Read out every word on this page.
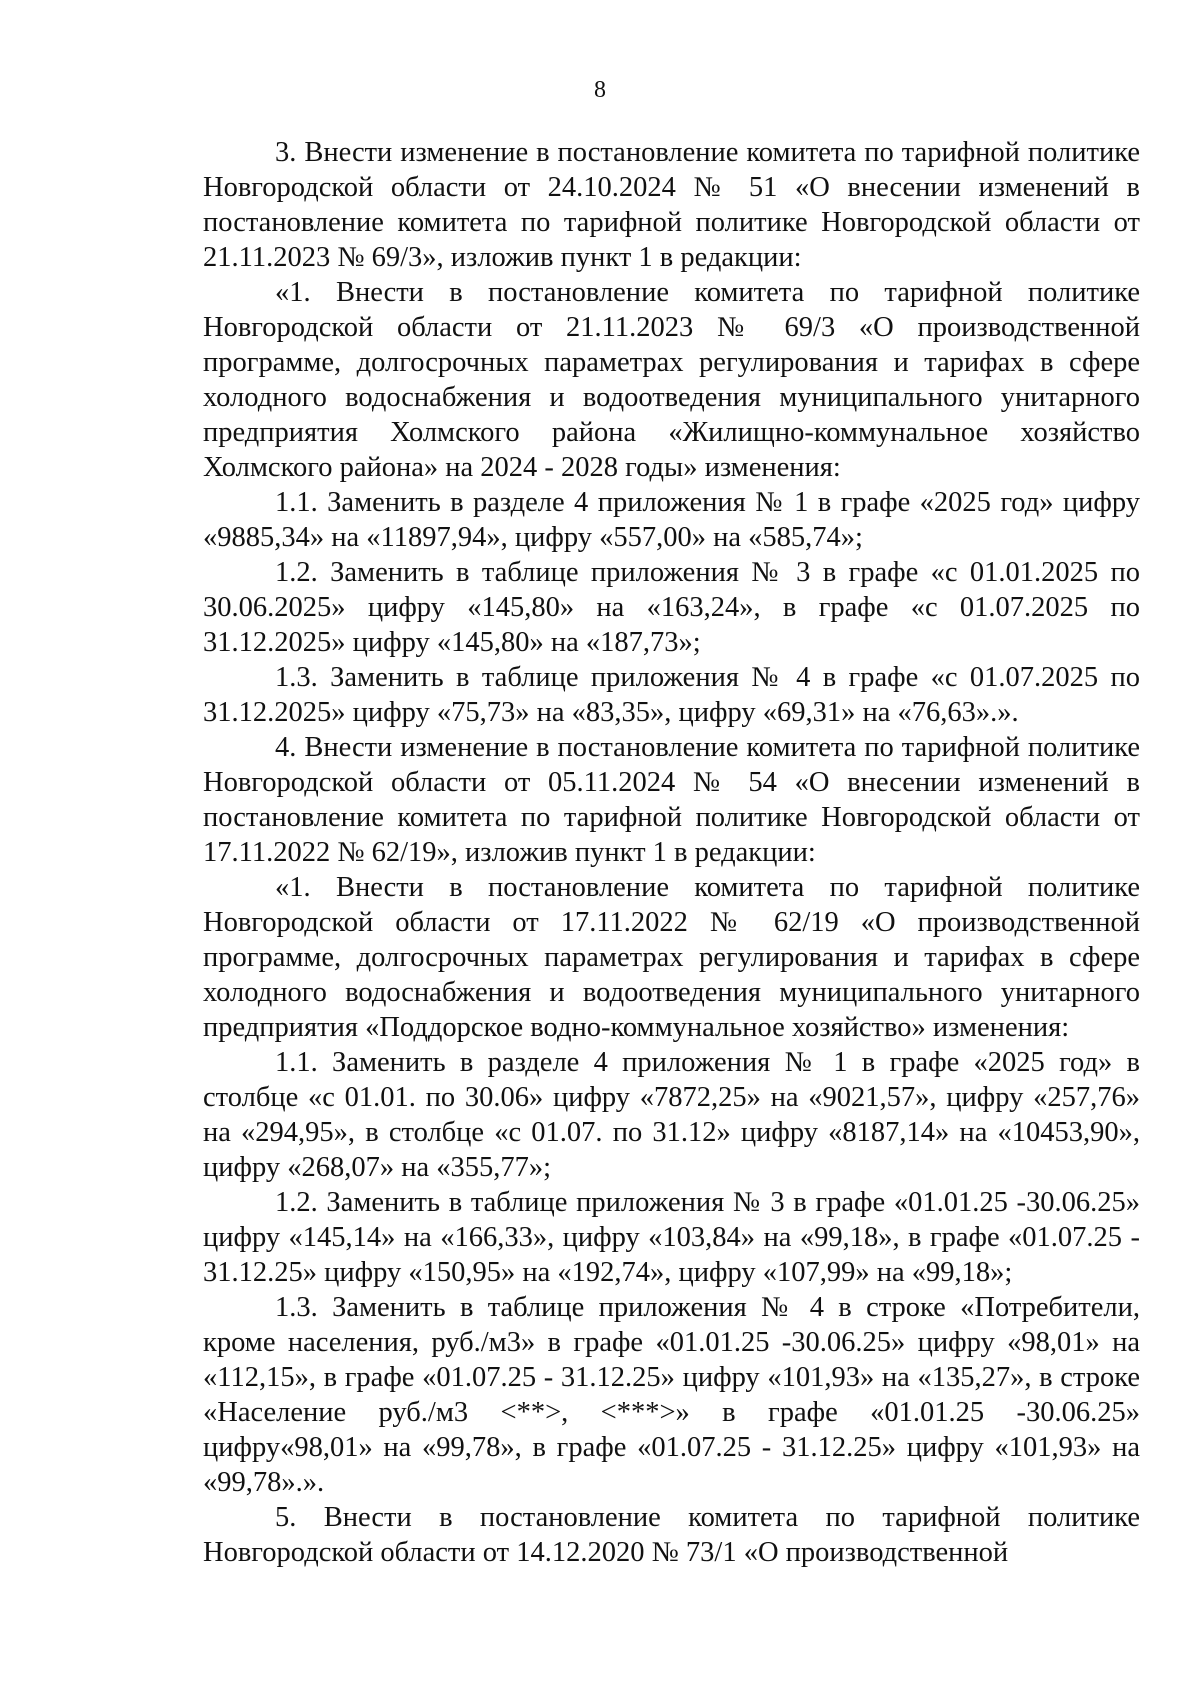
8

3. Внести изменение в постановление комитета по тарифной политике Новгородской области от 24.10.2024 № 51 «О внесении изменений в постановление комитета по тарифной политике Новгородской области от 21.11.2023 № 69/3», изложив пункт 1 в редакции:

«1. Внести в постановление комитета по тарифной политике Новгородской области от 21.11.2023 № 69/3 «О производственной программе, долгосрочных параметрах регулирования и тарифах в сфере холодного водоснабжения и водоотведения муниципального унитарного предприятия Холмского района «Жилищно-коммунальное хозяйство Холмского района» на 2024 - 2028 годы» изменения:

1.1. Заменить в разделе 4 приложения № 1 в графе «2025 год» цифру «9885,34» на «11897,94», цифру «557,00» на «585,74»;

1.2. Заменить в таблице приложения № 3 в графе «с 01.01.2025 по 30.06.2025» цифру «145,80» на «163,24», в графе «с 01.07.2025 по 31.12.2025» цифру «145,80» на «187,73»;

1.3. Заменить в таблице приложения № 4 в графе «с 01.07.2025 по 31.12.2025» цифру «75,73» на «83,35», цифру «69,31» на «76,63».».

4. Внести изменение в постановление комитета по тарифной политике Новгородской области от 05.11.2024 № 54 «О внесении изменений в постановление комитета по тарифной политике Новгородской области от 17.11.2022 № 62/19», изложив пункт 1 в редакции:

«1. Внести в постановление комитета по тарифной политике Новгородской области от 17.11.2022 № 62/19 «О производственной программе, долгосрочных параметрах регулирования и тарифах в сфере холодного водоснабжения и водоотведения муниципального унитарного предприятия «Поддорское водно-коммунальное хозяйство» изменения:

1.1. Заменить в разделе 4 приложения № 1 в графе «2025 год» в столбце «с 01.01. по 30.06» цифру «7872,25» на «9021,57», цифру «257,76» на «294,95», в столбце «с 01.07. по 31.12» цифру «8187,14» на «10453,90», цифру «268,07» на «355,77»;

1.2. Заменить в таблице приложения № 3 в графе «01.01.25 -30.06.25» цифру «145,14» на «166,33», цифру «103,84» на «99,18», в графе «01.07.25 - 31.12.25» цифру «150,95» на «192,74», цифру «107,99» на «99,18»;

1.3. Заменить в таблице приложения № 4 в строке «Потребители, кроме населения, руб./м3» в графе «01.01.25 -30.06.25» цифру «98,01» на «112,15», в графе «01.07.25 - 31.12.25» цифру «101,93» на «135,27», в строке «Население руб./м3 <**>, <***>» в графе «01.01.25 -30.06.25» цифру«98,01» на «99,78», в графе «01.07.25 - 31.12.25» цифру «101,93» на «99,78».».

5. Внести в постановление комитета по тарифной политике Новгородской области от 14.12.2020 № 73/1 «О производственной
